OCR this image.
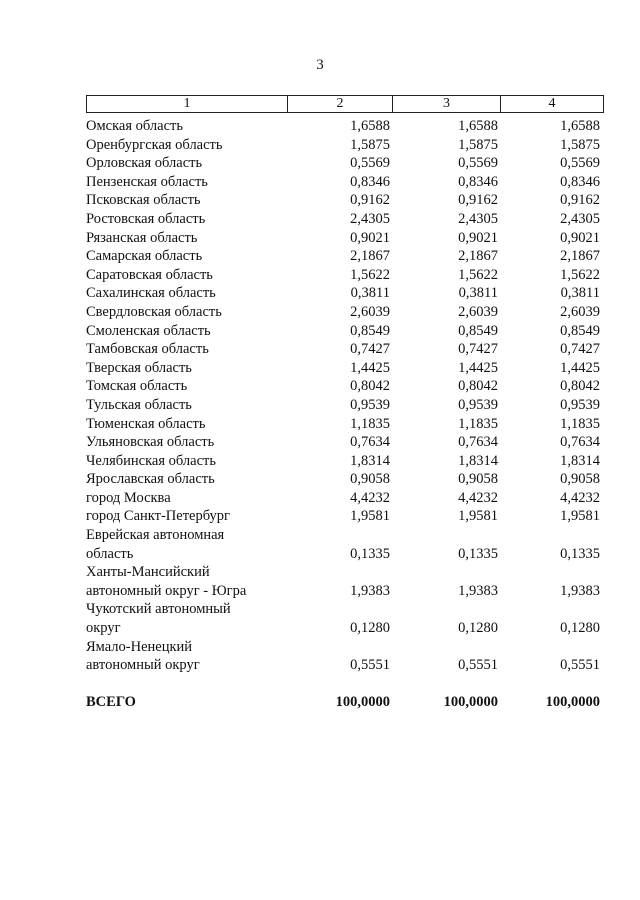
3
1	2	3	4
Омская область	1,6588	1,6588	1,6588
Оренбургская область	1,5875	1,5875	1,5875
Орловская область	0,5569	0,5569	0,5569
Пензенская область	0,8346	0,8346	0,8346
Псковская область	0,9162	0,9162	0,9162
Ростовская область	2,4305	2,4305	2,4305
Рязанская область	0,9021	0,9021	0,9021
Самарская область	2,1867	2,1867	2,1867
Саратовская область	1,5622	1,5622	1,5622
Сахалинская область	0,3811	0,3811	0,3811
Свердловская область	2,6039	2,6039	2,6039
Смоленская область	0,8549	0,8549	0,8549
Тамбовская область	0,7427	0,7427	0,7427
Тверская область	1,4425	1,4425	1,4425
Томская область	0,8042	0,8042	0,8042
Тульская область	0,9539	0,9539	0,9539
Тюменская область	1,1835	1,1835	1,1835
Ульяновская область	0,7634	0,7634	0,7634
Челябинская область	1,8314	1,8314	1,8314
Ярославская область	0,9058	0,9058	0,9058
город Москва	4,4232	4,4232	4,4232
город Санкт-Петербург	1,9581	1,9581	1,9581
Еврейская автономная
область	0,1335	0,1335	0,1335
Ханты-Мансийский
автономный округ - Югра	1,9383	1,9383	1,9383
Чукотский автономный
округ	0,1280	0,1280	0,1280
Ямало-Ненецкий
автономный округ	0,5551	0,5551	0,5551
ВСЕГО	100,0000	100,0000	100,0000
